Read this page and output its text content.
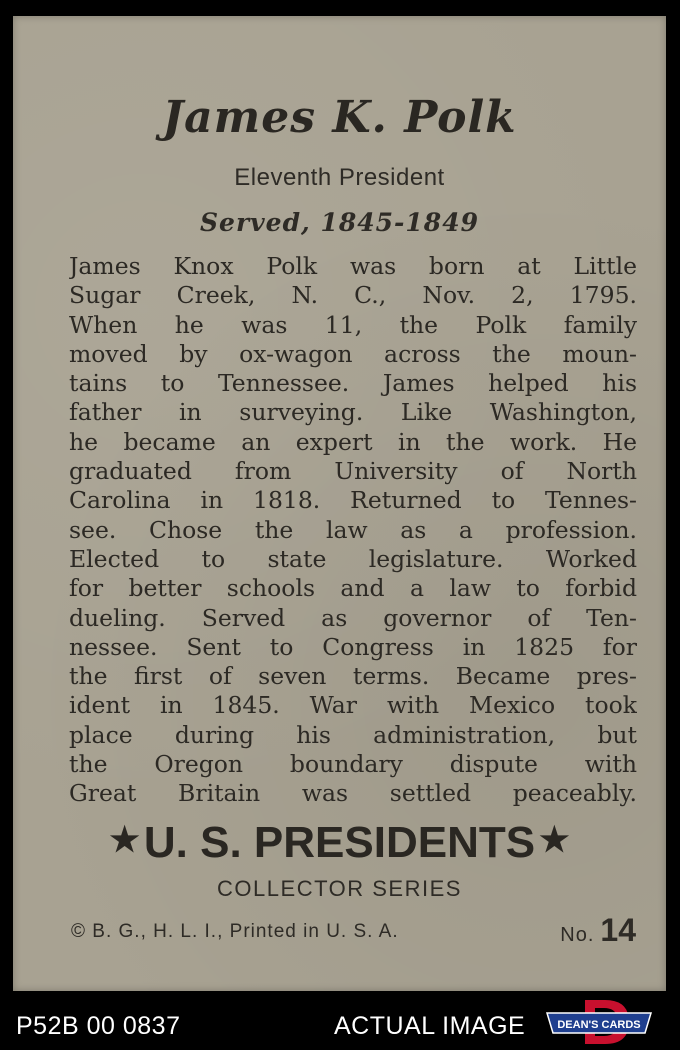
James K. Polk
Eleventh President
Served, 1845-1849
James Knox Polk was born at Little
Sugar Creek, N. C., Nov. 2, 1795.
When he was 11, the Polk family
moved by ox-wagon across the moun-
tains to Tennessee. James helped his
father in surveying. Like Washington,
he became an expert in the work. He
graduated from University of North
Carolina in 1818. Returned to Tennes-
see. Chose the law as a profession.
Elected to state legislature. Worked
for better schools and a law to forbid
dueling. Served as governor of Ten-
nessee. Sent to Congress in 1825 for
the first of seven terms. Became pres-
ident in 1845. War with Mexico took
place during his administration, but
the Oregon boundary dispute with
Great Britain was settled peaceably.
★U. S. PRESIDENTS ★
COLLECTOR SERIES
© B. G., H. L. I., Printed in U. S. A.	No. 14
P52B 00 0837	ACTUAL IMAGE	DEAN'S CARDS
